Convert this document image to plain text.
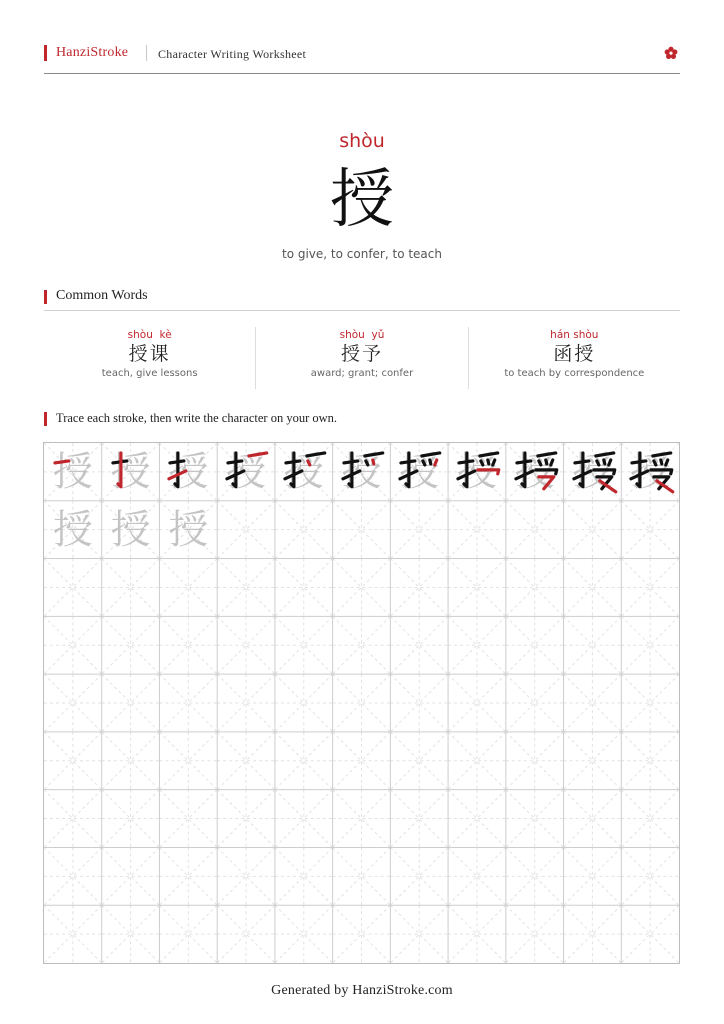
HanziStroke Character Writing Worksheet
shòu
授
to give, to confer, to teach
Common Words
shòu  kè
授课
teach, give lessons
shòu  yǔ
授予
award; grant; confer
hán shòu
函授
to teach by correspondence
Trace each stroke, then write the character on your own.
授 授 授 授 授 授 授 授 授 授 授
授 授 授
Generated by HanziStroke.com
